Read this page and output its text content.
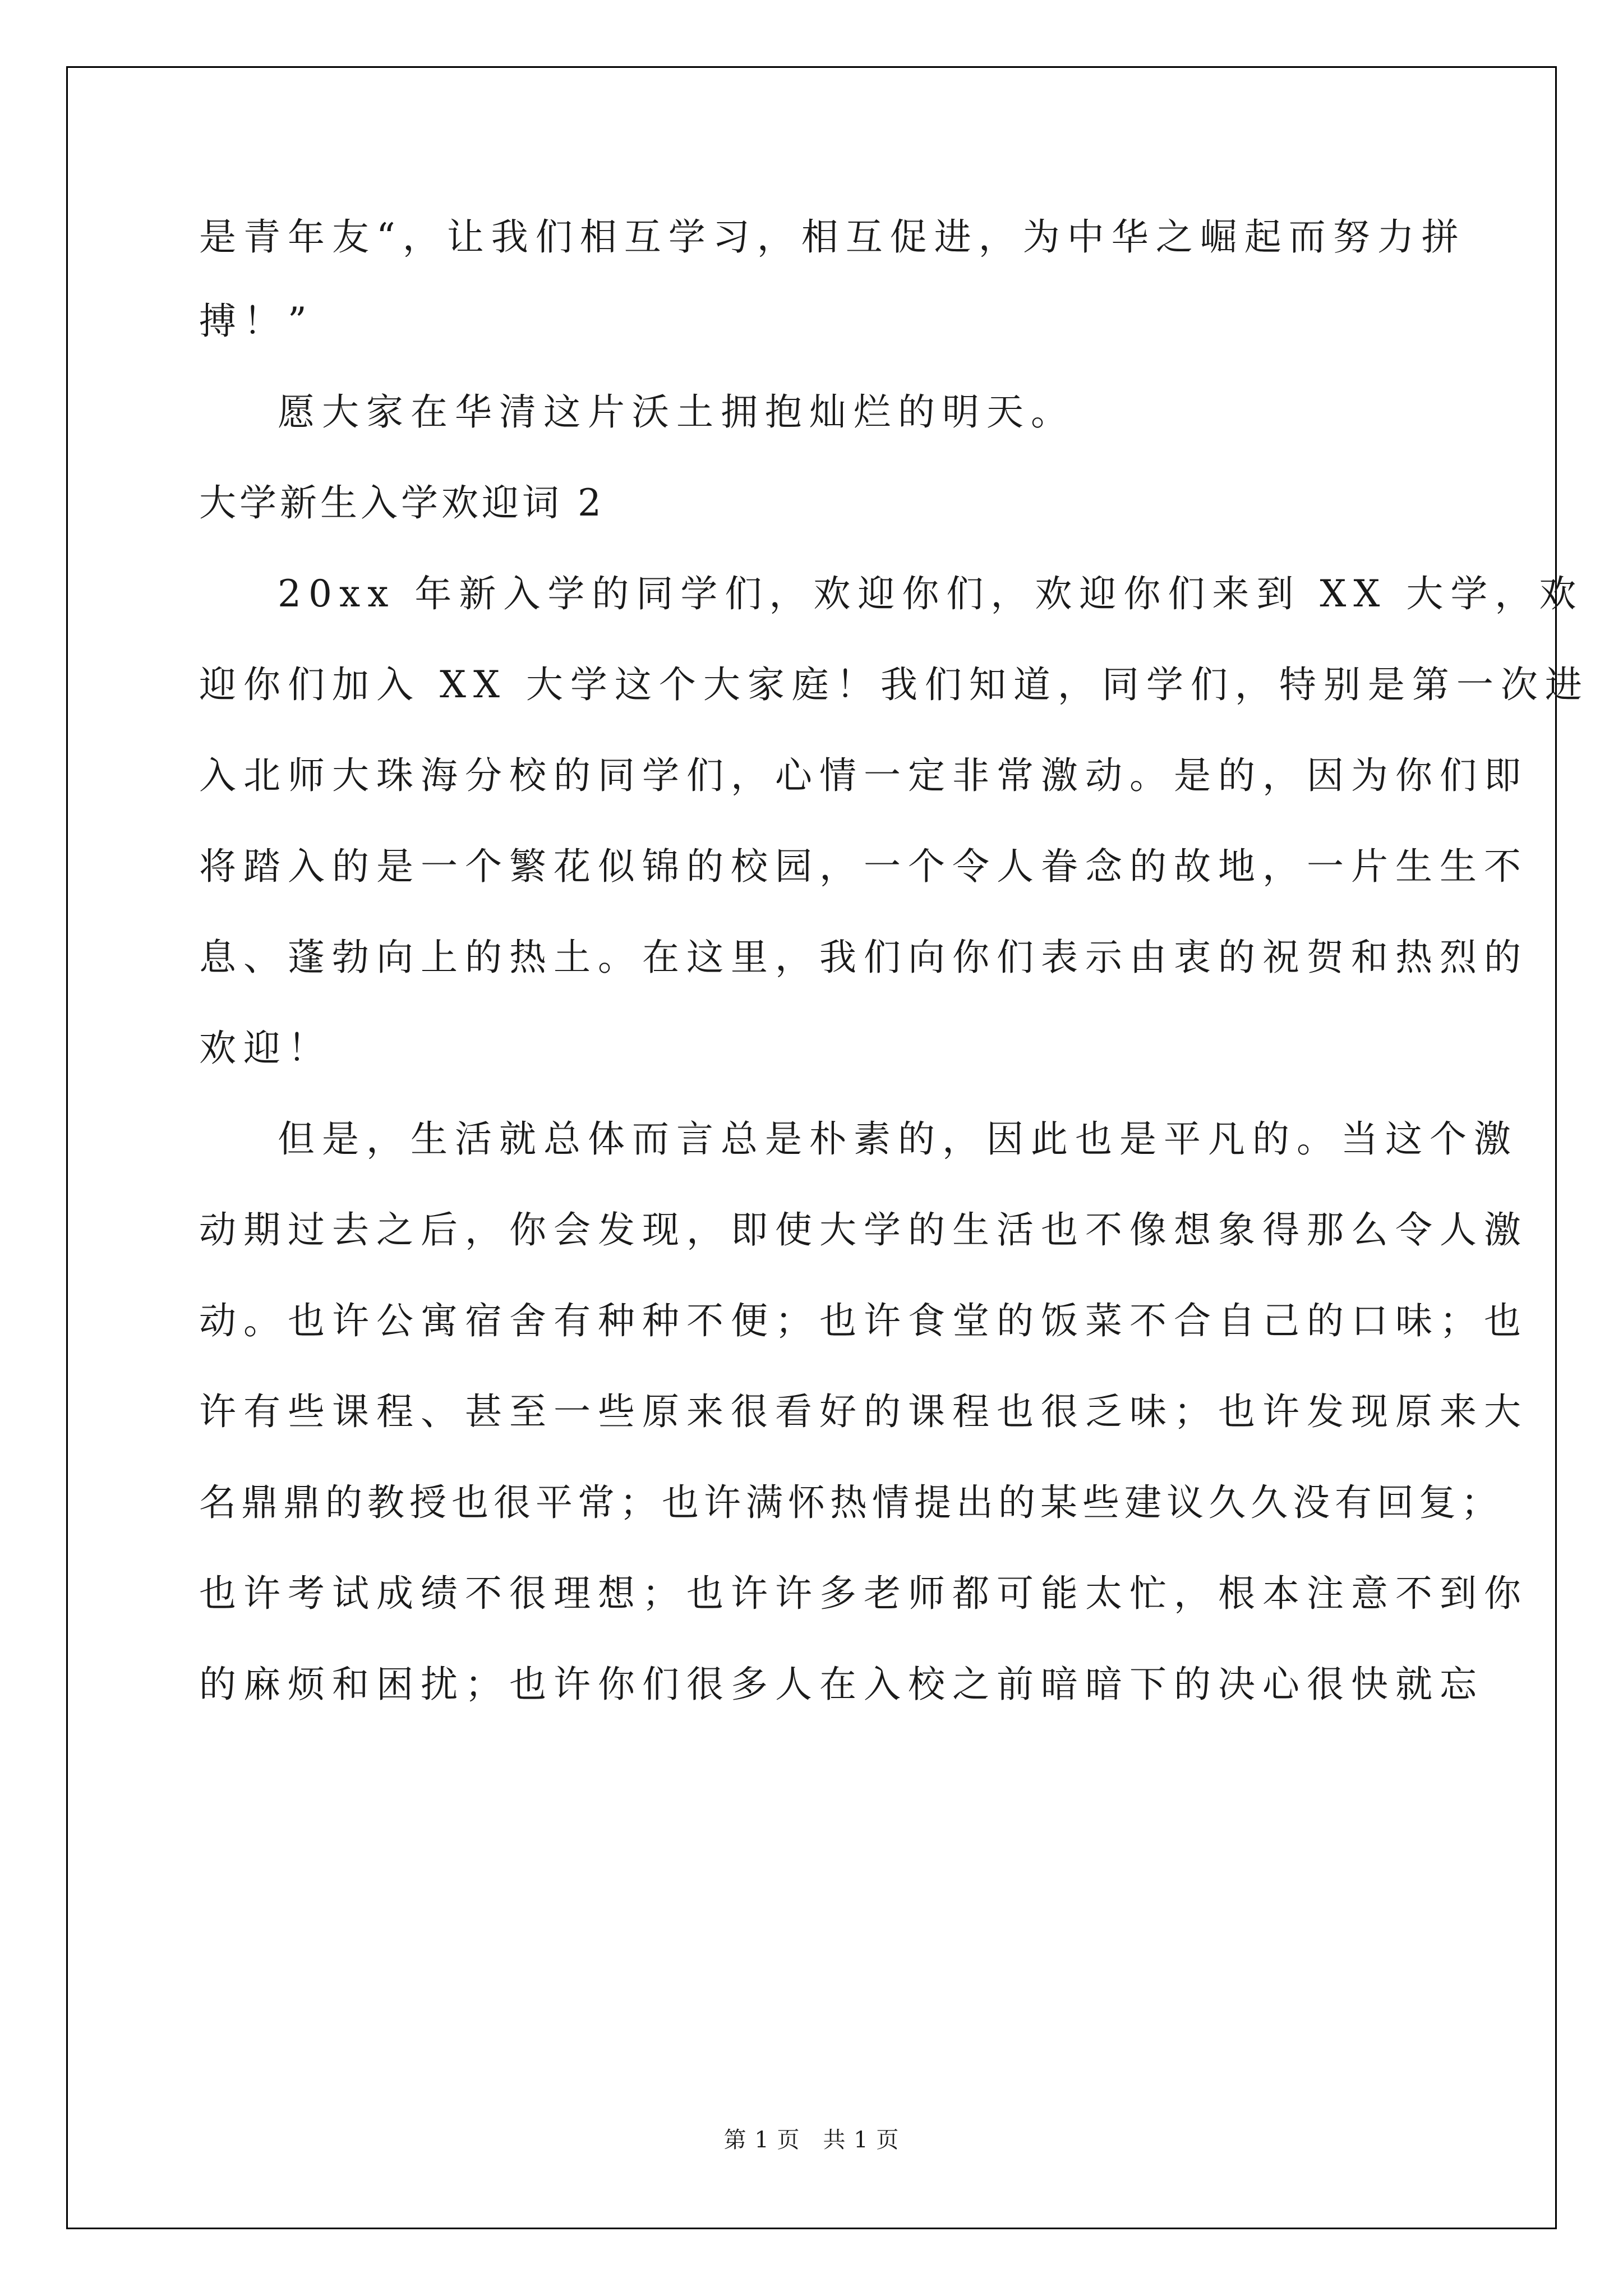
是青年友“，让我们相互学习，相互促进，为中华之崛起而努力拼
搏！”
愿大家在华清这片沃土拥抱灿烂的明天。
大学新生入学欢迎词 2
20xx 年新入学的同学们，欢迎你们，欢迎你们来到 XX 大学，欢
迎你们加入 XX 大学这个大家庭！我们知道，同学们，特别是第一次进
入北师大珠海分校的同学们，心情一定非常激动。是的，因为你们即
将踏入的是一个繁花似锦的校园，一个令人眷念的故地，一片生生不
息、蓬勃向上的热土。在这里，我们向你们表示由衷的祝贺和热烈的
欢迎！
但是，生活就总体而言总是朴素的，因此也是平凡的。当这个激
动期过去之后，你会发现，即使大学的生活也不像想象得那么令人激
动。也许公寓宿舍有种种不便；也许食堂的饭菜不合自己的口味；也
许有些课程、甚至一些原来很看好的课程也很乏味；也许发现原来大
名鼎鼎的教授也很平常；也许满怀热情提出的某些建议久久没有回复；
也许考试成绩不很理想；也许许多老师都可能太忙，根本注意不到你
的麻烦和困扰；也许你们很多人在入校之前暗暗下的决心很快就忘
第 1 页　共 1 页
